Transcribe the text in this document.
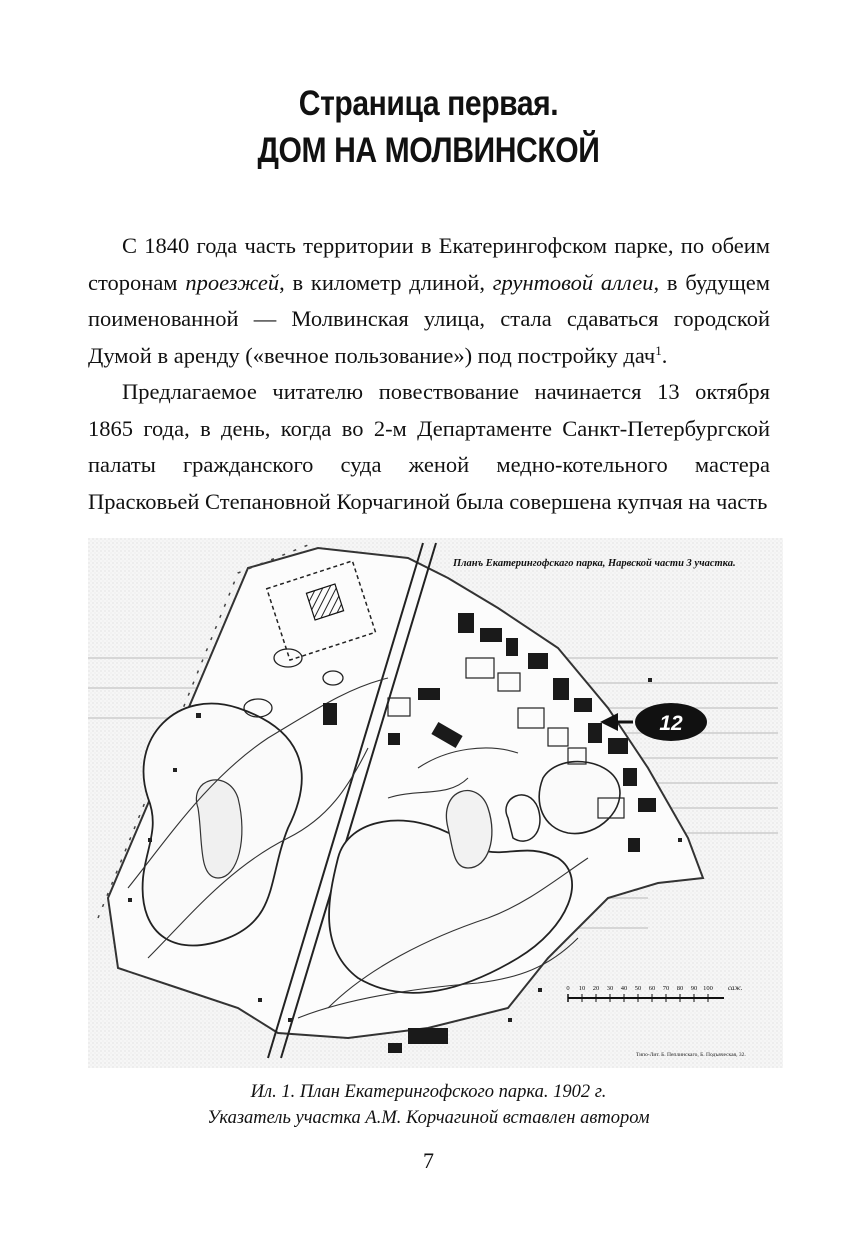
Страница первая.
ДОМ НА МОЛВИНСКОЙ

С 1840 года часть территории в Екатерингофском парке, по обеим сторонам проезжей, в километр длиной, грунтовой аллеи, в будущем поименованной — Молвинская улица, стала сдаваться городской Думой в аренду («вечное пользование») под постройку дач$^1$.

Предлагаемое читателю повествование начинается 13 октября 1865 года, в день, когда во 2-м Департаменте Санкт-Петербургской палаты гражданского суда женой медно-котельного мастера Прасковьей Степановной Корчагиной была совершена купчая на часть

Планъ Екатерингофскаго парка, Нарвской части 3 участка.
12
0 10 20 30 40 50 60 70 80 90 100 саж.
Типо-Лит. Б. Пеплинскаго, Б. Подъяческая, 32.
Ил. 1. План Екатерингофского парка. 1902 г.
Указатель участка А.М. Корчагиной вставлен автором
7
